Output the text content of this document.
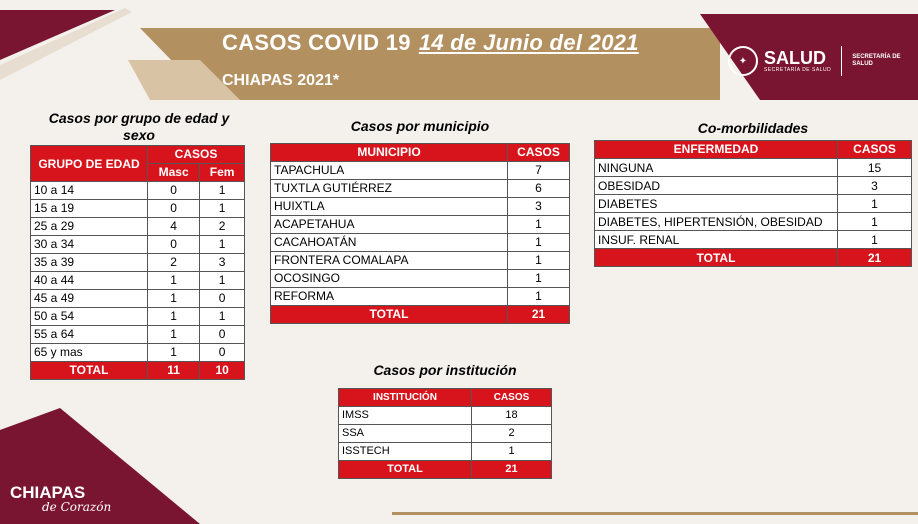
CASOS COVID 19 14 de Junio del 2021
CHIAPAS 2021*
✦ SALUD
SECRETARÍA DE SALUD
SECRETARÍA DE SALUD
Casos por grupo de edad y sexo
GRUPO DE EDAD	CASOS	
	Masc	Fem
10 a 14	0	1
15 a 19	0	1
25 a 29	4	2
30 a 34	0	1
35 a 39	2	3
40 a 44	1	1
45 a 49	1	0
50 a 54	1	1
55 a 64	1	0
65 y mas	1	0
TOTAL	11	10
Casos por municipio
MUNICIPIO	CASOS
TAPACHULA	7
TUXTLA GUTIÉRREZ	6
HUIXTLA	3
ACAPETAHUA	1
CACAHOATÁN	1
FRONTERA COMALAPA	1
OCOSINGO	1
REFORMA	1
TOTAL	21
Co-morbilidades
ENFERMEDAD	CASOS
NINGUNA	15
OBESIDAD	3
DIABETES	1
DIABETES, HIPERTENSIÓN, OBESIDAD	1
INSUF. RENAL	1
TOTAL	21
Casos por institución
INSTITUCIÓN	CASOS
IMSS	18
SSA	2
ISSTECH	1
TOTAL	21
CHIAPAS
de Corazón
